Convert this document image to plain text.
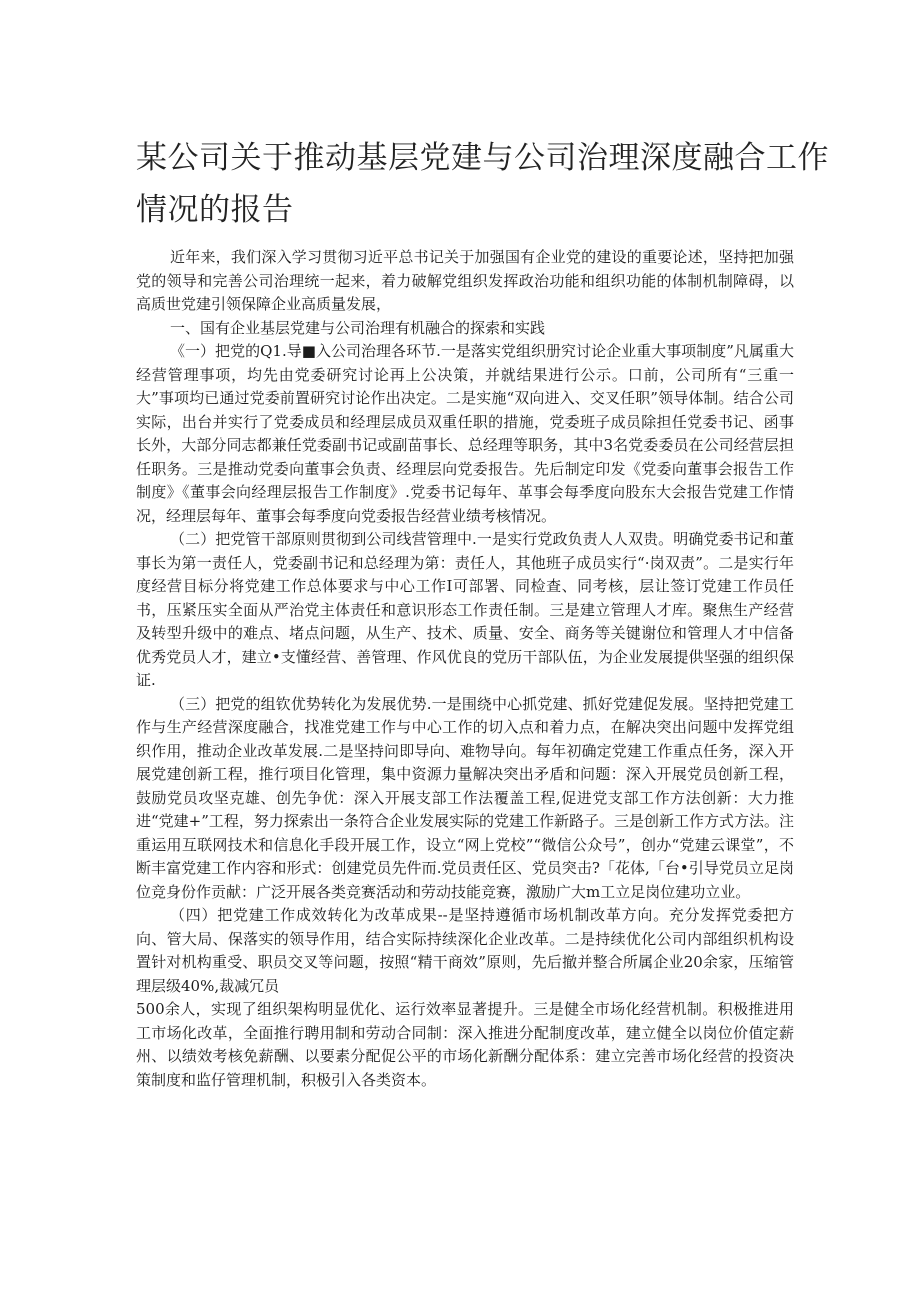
某公司关于推动基层党建与公司治理深度融合工作
情况的报告

近年来，我们深入学习贯彻习近平总书记关于加强国有企业党的建设的重要论述，坚持把加强党的领导和完善公司治理统一起来，着力破解党组织发挥政治功能和组织功能的体制机制障碍，以高质世党建引领保障企业高质量发展，

一、国有企业基层党建与公司治理有机融合的探索和实践

《一）把党的Q1.导■入公司治理各环节.一是落实党组织册究讨论企业重大事项制度”凡属重大经营管理事项，均先由党委研究讨论再上公决策，并就结果进行公示。口前，公司所有“三重一大”事项均已通过党委前置研究讨论作出决定。二是实施“双向进入、交叉任职”领导体制。结合公司实际，出台并实行了党委成员和经理层成员双重任职的措施，党委班子成员除担任党委书记、函事长外，大部分同志都兼任党委副书记或副苗事长、总经理等职务，其中3名党委委员在公司经营层担任职务。三是推动党委向董事会负责、经理层向党委报告。先后制定印发《党委向董事会报告工作制度》《董事会向经理层报告工作制度》.党委书记每年、革事会每季度向股东大会报告党建工作情况，经理层每年、董事会每季度向党委报告经营业绩考核情况。

（二）把党管干部原则贯彻到公司线营管理中.一是实行党政负责人人双贵。明确党委书记和董事长为第一责任人，党委副书记和总经理为第：责任人，其他班子成员实行“·岗双责”。二是实行年度经营目标分将党建工作总体要求与中心工作I可部署、同检查、同考核，层让签订党建工作员任书，压紧压实全面从严治党主体责任和意识形态工作责任制。三是建立管理人才库。聚焦生产经营及转型升级中的难点、堵点问题，从生产、技术、质量、安全、商务等关键谢位和管理人才中信备优秀党员人才，建立•支懂经营、善管理、作风优良的党历干部队伍，为企业发展提供坚强的组织保证.

（三）把党的组钦优势转化为发展优势.一是围绕中心抓党建、抓好党建促发展。坚持把党建工作与生产经营深度融合，找准党建工作与中心工作的切入点和着力点，在解决突出问题中发挥党组织作用，推动企业改革发展.二是坚持问即导向、难物导向。每年初确定党建工作重点任务，深入开展党建创新工程，推行项目化管理，集中资源力量解决突出矛盾和问题：深入开展党员创新工程，鼓励党员攻坚克雄、创先争优：深入开展支部工作法覆盖工程,促进党支部工作方法创新：大力推进“党建+”工程，努力探索出一条符合企业发展实际的党建工作新路子。三是创新工作方式方法。注重运用互联网技术和信息化手段开展工作，设立“网上党校”“微信公众号”，创办“党建云课堂”，不断丰富党建工作内容和形式：创建党员先件而.党员责任区、党员突击?「花体,「台•引导党员立足岗位竞身份作贡献：广泛开展各类竞赛活动和劳动技能竞赛，激励广大m工立足岗位建功立业。

（四）把党建工作成效转化为改革成果--是坚持遵循市场机制改革方向。充分发挥党委把方向、管大局、保落实的领导作用，结合实际持续深化企业改革。二是持续优化公司内部组织机构设置针对机构重受、职员交叉等问题，按照“精干商效”原则，先后撤并整合所属企业20余家，压缩管理层级40%,裁减冗员

500余人，实现了组织架构明显优化、运行效率显著提升。三是健全市场化经营机制。积极推进用工市场化改革，全面推行聘用制和劳动合同制：深入推进分配制度改革，建立健全以岗位价值定薪州、以绩效考核免薪酬、以要素分配促公平的市场化新酬分配体系：建立完善市场化经营的投资决策制度和监仔管理机制，积极引入各类资本。
